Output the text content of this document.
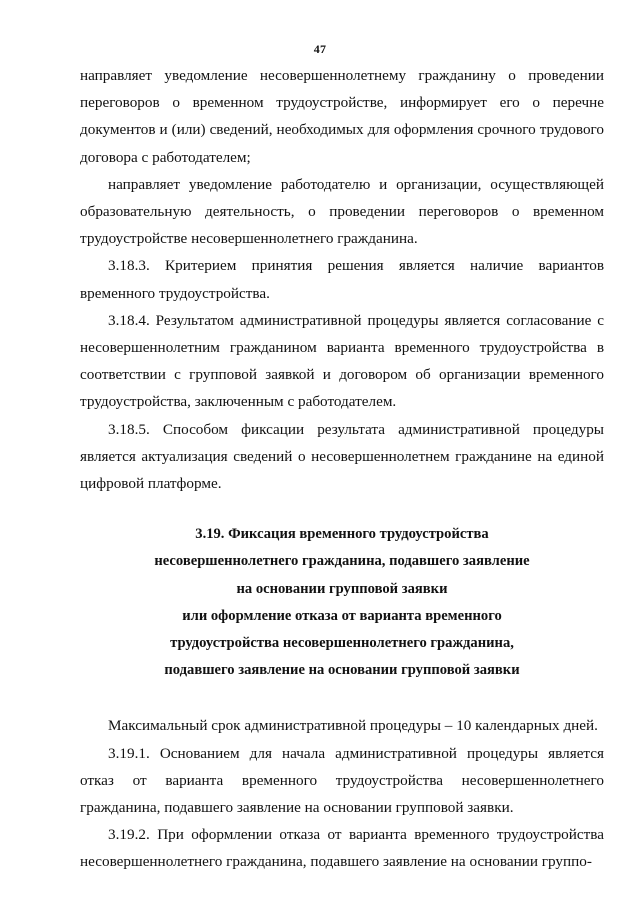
47

направляет уведомление несовершеннолетнему гражданину о проведении переговоров о временном трудоустройстве, информирует его о перечне документов и (или) сведений, необходимых для оформления срочного трудового договора с работодателем;

направляет уведомление работодателю и организации, осуществляющей образовательную деятельность, о проведении переговоров о временном трудоустройстве несовершеннолетнего гражданина.

3.18.3. Критерием принятия решения является наличие вариантов временного трудоустройства.

3.18.4. Результатом административной процедуры является согласование с несовершеннолетним гражданином варианта временного трудоустройства в соответствии с групповой заявкой и договором об организации временного трудоустройства, заключенным с работодателем.

3.18.5. Способом фиксации результата административной процедуры является актуализация сведений о несовершеннолетнем гражданине на единой цифровой платформе.

3.19. Фиксация временного трудоустройства
несовершеннолетнего гражданина, подавшего заявление
на основании групповой заявки
или оформление отказа от варианта временного
трудоустройства несовершеннолетнего гражданина,
подавшего заявление на основании групповой заявки

Максимальный срок административной процедуры – 10 календарных дней.

3.19.1. Основанием для начала административной процедуры является отказ от варианта временного трудоустройства несовершеннолетнего гражданина, подавшего заявление на основании групповой заявки.

3.19.2. При оформлении отказа от варианта временного трудоустройства несовершеннолетнего гражданина, подавшего заявление на основании группо-
